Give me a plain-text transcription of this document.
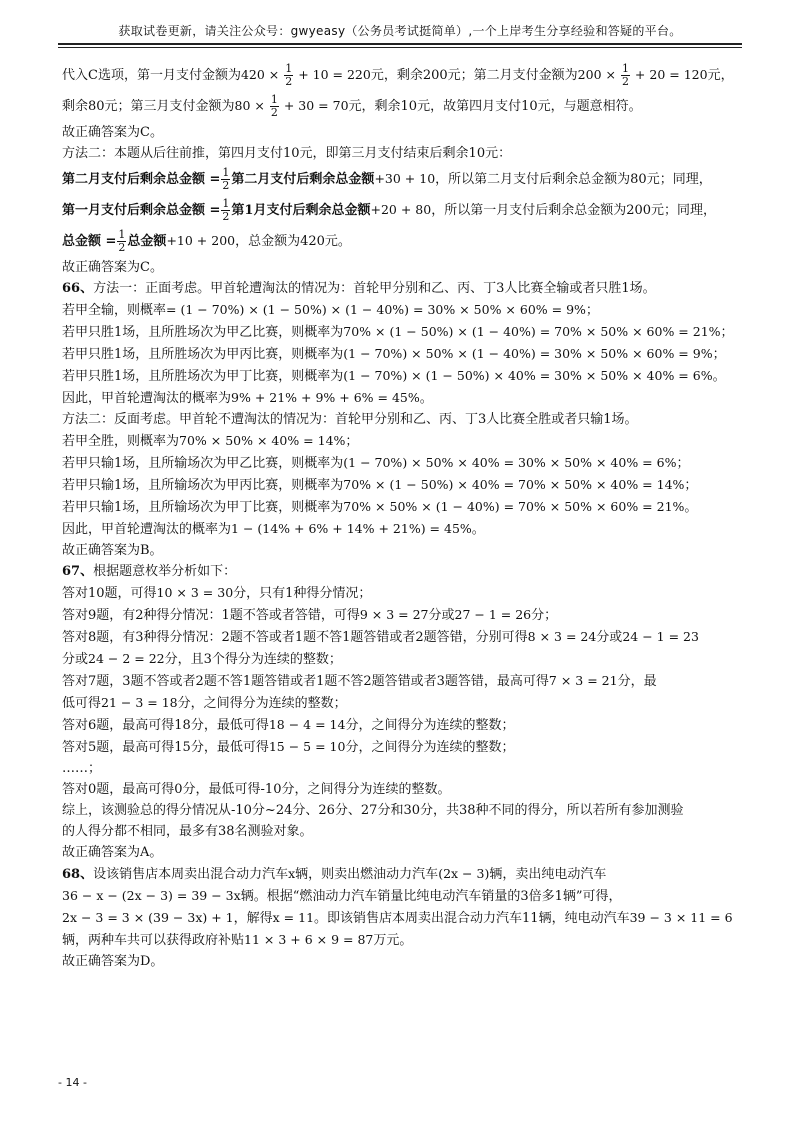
获取试卷更新，请关注公众号：gwyeasy（公务员考试挺简单）,一个上岸考生分享经验和答疑的平台。
代入C选项，第一月支付金额为$420 \times \frac{1}{2} + 10 = 220$元，剩余200元；第二月支付金额为$200 \times \frac{1}{2} + 20 = 120$元，
剩余80元；第三月支付金额为$80 \times \frac{1}{2} + 30 = 70$元，剩余10元，故第四月支付10元，与题意相符。
故正确答案为C。
方法二：本题从后往前推，第四月支付10元，即第三月支付结束后剩余10元：
第二月支付后剩余总金额 = $\frac{1}{2}$ 第二月支付后剩余总金额+30 + 10，所以第二月支付后剩余总金额为80元；同理，
第一月支付后剩余总金额 = $\frac{1}{2}$ 第1月支付后剩余总金额+20 + 80，所以第一月支付后剩余总金额为200元；同理，
总金额 = $\frac{1}{2}$ 总金额+10 + 200，总金额为420元。
故正确答案为C。
66、方法一：正面考虑。甲首轮遭淘汰的情况为：首轮甲分别和乙、丙、丁3人比赛全输或者只胜1场。
若甲全输，则概率= (1 − 70%) × (1 − 50%) × (1 − 40%) = 30% × 50% × 60% = 9%；
若甲只胜1场，且所胜场次为甲乙比赛，则概率为70% × (1 − 50%) × (1 − 40%) = 70% × 50% × 60% = 21%；
若甲只胜1场，且所胜场次为甲丙比赛，则概率为(1 − 70%) × 50% × (1 − 40%) = 30% × 50% × 60% = 9%；
若甲只胜1场，且所胜场次为甲丁比赛，则概率为(1 − 70%) × (1 − 50%) × 40% = 30% × 50% × 40% = 6%。
因此，甲首轮遭淘汰的概率为9% + 21% + 9% + 6% = 45%。
方法二：反面考虑。甲首轮不遭淘汰的情况为：首轮甲分别和乙、丙、丁3人比赛全胜或者只输1场。
若甲全胜，则概率为70% × 50% × 40% = 14%；
若甲只输1场，且所输场次为甲乙比赛，则概率为(1 − 70%) × 50% × 40% = 30% × 50% × 40% = 6%；
若甲只输1场，且所输场次为甲丙比赛，则概率为70% × (1 − 50%) × 40% = 70% × 50% × 40% = 14%；
若甲只输1场，且所输场次为甲丁比赛，则概率为70% × 50% × (1 − 40%) = 70% × 50% × 60% = 21%。
因此，甲首轮遭淘汰的概率为1 − (14% + 6% + 14% + 21%) = 45%。
故正确答案为B。
67、根据题意枚举分析如下：
答对10题，可得10 × 3 = 30分，只有1种得分情况；
答对9题，有2种得分情况：1题不答或者答错，可得9 × 3 = 27分或27 − 1 = 26分；
答对8题，有3种得分情况：2题不答或者1题不答1题答错或者2题答错，分别可得8 × 3 = 24分或24 − 1 = 23
分或24 − 2 = 22分，且3个得分为连续的整数；
答对7题，3题不答或者2题不答1题答错或者1题不答2题答错或者3题答错，最高可得7 × 3 = 21分，最
低可得21 − 3 = 18分，之间得分为连续的整数；
答对6题，最高可得18分，最低可得18 − 4 = 14分，之间得分为连续的整数；
答对5题，最高可得15分，最低可得15 − 5 = 10分，之间得分为连续的整数；
……；
答对0题，最高可得0分，最低可得-10分，之间得分为连续的整数。
综上，该测验总的得分情况从-10分~24分、26分、27分和30分，共38种不同的得分，所以若所有参加测验
的人得分都不相同，最多有38名测验对象。
故正确答案为A。
68、设该销售店本周卖出混合动力汽车x辆，则卖出燃油动力汽车(2x − 3)辆，卖出纯电动汽车
36 − x − (2x − 3) = 39 − 3x辆。根据“燃油动力汽车销量比纯电动汽车销量的3倍多1辆”可得，
2x − 3 = 3 × (39 − 3x) + 1，解得x = 11。即该销售店本周卖出混合动力汽车11辆，纯电动汽车39 − 3 × 11 = 6
辆，两种车共可以获得政府补贴11 × 3 + 6 × 9 = 87万元。
故正确答案为D。
- 14 -
